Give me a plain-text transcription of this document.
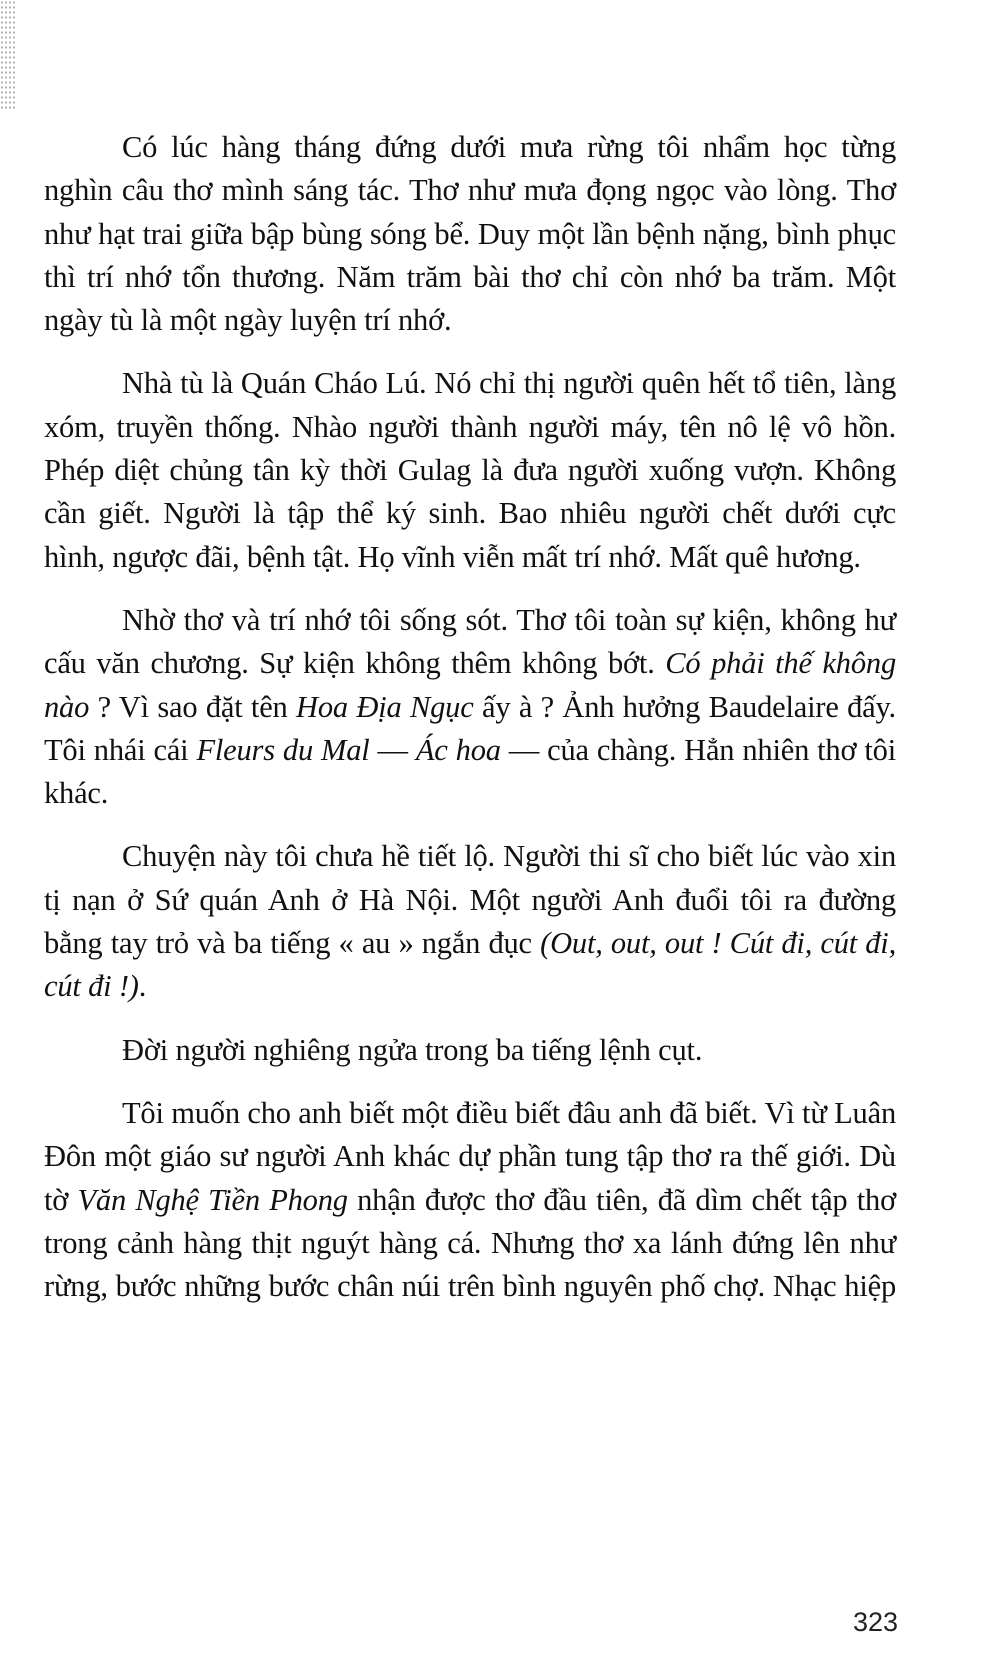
Có lúc hàng tháng đứng dưới mưa rừng tôi nhẩm học từng nghìn câu thơ mình sáng tác. Thơ như mưa đọng ngọc vào lòng. Thơ như hạt trai giữa bập bùng sóng bể. Duy một lần bệnh nặng, bình phục thì trí nhớ tổn thương. Năm trăm bài thơ chỉ còn nhớ ba trăm. Một ngày tù là một ngày luyện trí nhớ.

Nhà tù là Quán Cháo Lú. Nó chỉ thị người quên hết tổ tiên, làng xóm, truyền thống. Nhào người thành người máy, tên nô lệ vô hồn. Phép diệt chủng tân kỳ thời Gulag là đưa người xuống vượn. Không cần giết. Người là tập thể ký sinh. Bao nhiêu người chết dưới cực hình, ngược đãi, bệnh tật. Họ vĩnh viễn mất trí nhớ. Mất quê hương.

Nhờ thơ và trí nhớ tôi sống sót. Thơ tôi toàn sự kiện, không hư cấu văn chương. Sự kiện không thêm không bớt. Có phải thế không nào ? Vì sao đặt tên Hoa Địa Ngục ấy à ? Ảnh hưởng Baudelaire đấy. Tôi nhái cái Fleurs du Mal — Ác hoa — của chàng. Hẳn nhiên thơ tôi khác.

Chuyện này tôi chưa hề tiết lộ. Người thi sĩ cho biết lúc vào xin tị nạn ở Sứ quán Anh ở Hà Nội. Một người Anh đuổi tôi ra đường bằng tay trỏ và ba tiếng « au » ngắn đục (Out, out, out ! Cút đi, cút đi, cút đi !).

Đời người nghiêng ngửa trong ba tiếng lệnh cụt.

Tôi muốn cho anh biết một điều biết đâu anh đã biết. Vì từ Luân Đôn một giáo sư người Anh khác dự phần tung tập thơ ra thế giới. Dù tờ Văn Nghệ Tiền Phong nhận được thơ đầu tiên, đã dìm chết tập thơ trong cảnh hàng thịt nguýt hàng cá. Nhưng thơ xa lánh đứng lên như rừng, bước những bước chân núi trên bình nguyên phố chợ. Nhạc hiệp

323
